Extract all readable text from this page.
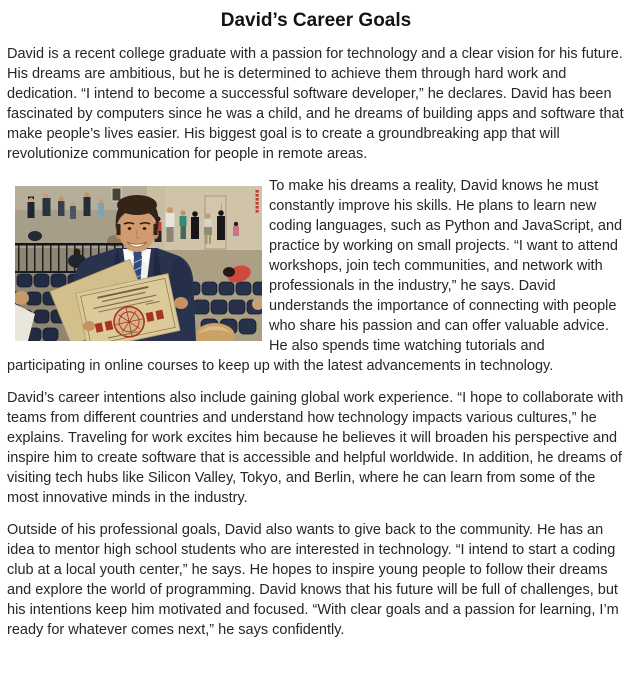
David’s Career Goals

David is a recent college graduate with a passion for technology and a clear vision for his future. His dreams are ambitious, but he is determined to achieve them through hard work and dedication. “I intend to become a successful software developer,” he declares. David has been fascinated by computers since he was a child, and he dreams of building apps and software that make people’s lives easier. His biggest goal is to create a groundbreaking app that will revolutionize communication for people in remote areas.

To make his dreams a reality, David knows he must constantly improve his skills. He plans to learn new coding languages, such as Python and JavaScript, and practice by working on small projects. “I want to attend workshops, join tech communities, and network with professionals in the industry,” he says. David understands the importance of connecting with people who share his passion and can offer valuable advice. He also spends time watching tutorials and participating in online courses to keep up with the latest advancements in technology.

David’s career intentions also include gaining global work experience. “I hope to collaborate with teams from different countries and understand how technology impacts various cultures,” he explains. Traveling for work excites him because he believes it will broaden his perspective and inspire him to create software that is accessible and helpful worldwide. In addition, he dreams of visiting tech hubs like Silicon Valley, Tokyo, and Berlin, where he can learn from some of the most innovative minds in the industry.

Outside of his professional goals, David also wants to give back to the community. He has an idea to mentor high school students who are interested in technology. “I intend to start a coding club at a local youth center,” he says. He hopes to inspire young people to follow their dreams and explore the world of programming. David knows that his future will be full of challenges, but his intentions keep him motivated and focused. “With clear goals and a passion for learning, I’m ready for whatever comes next,” he says confidently.
